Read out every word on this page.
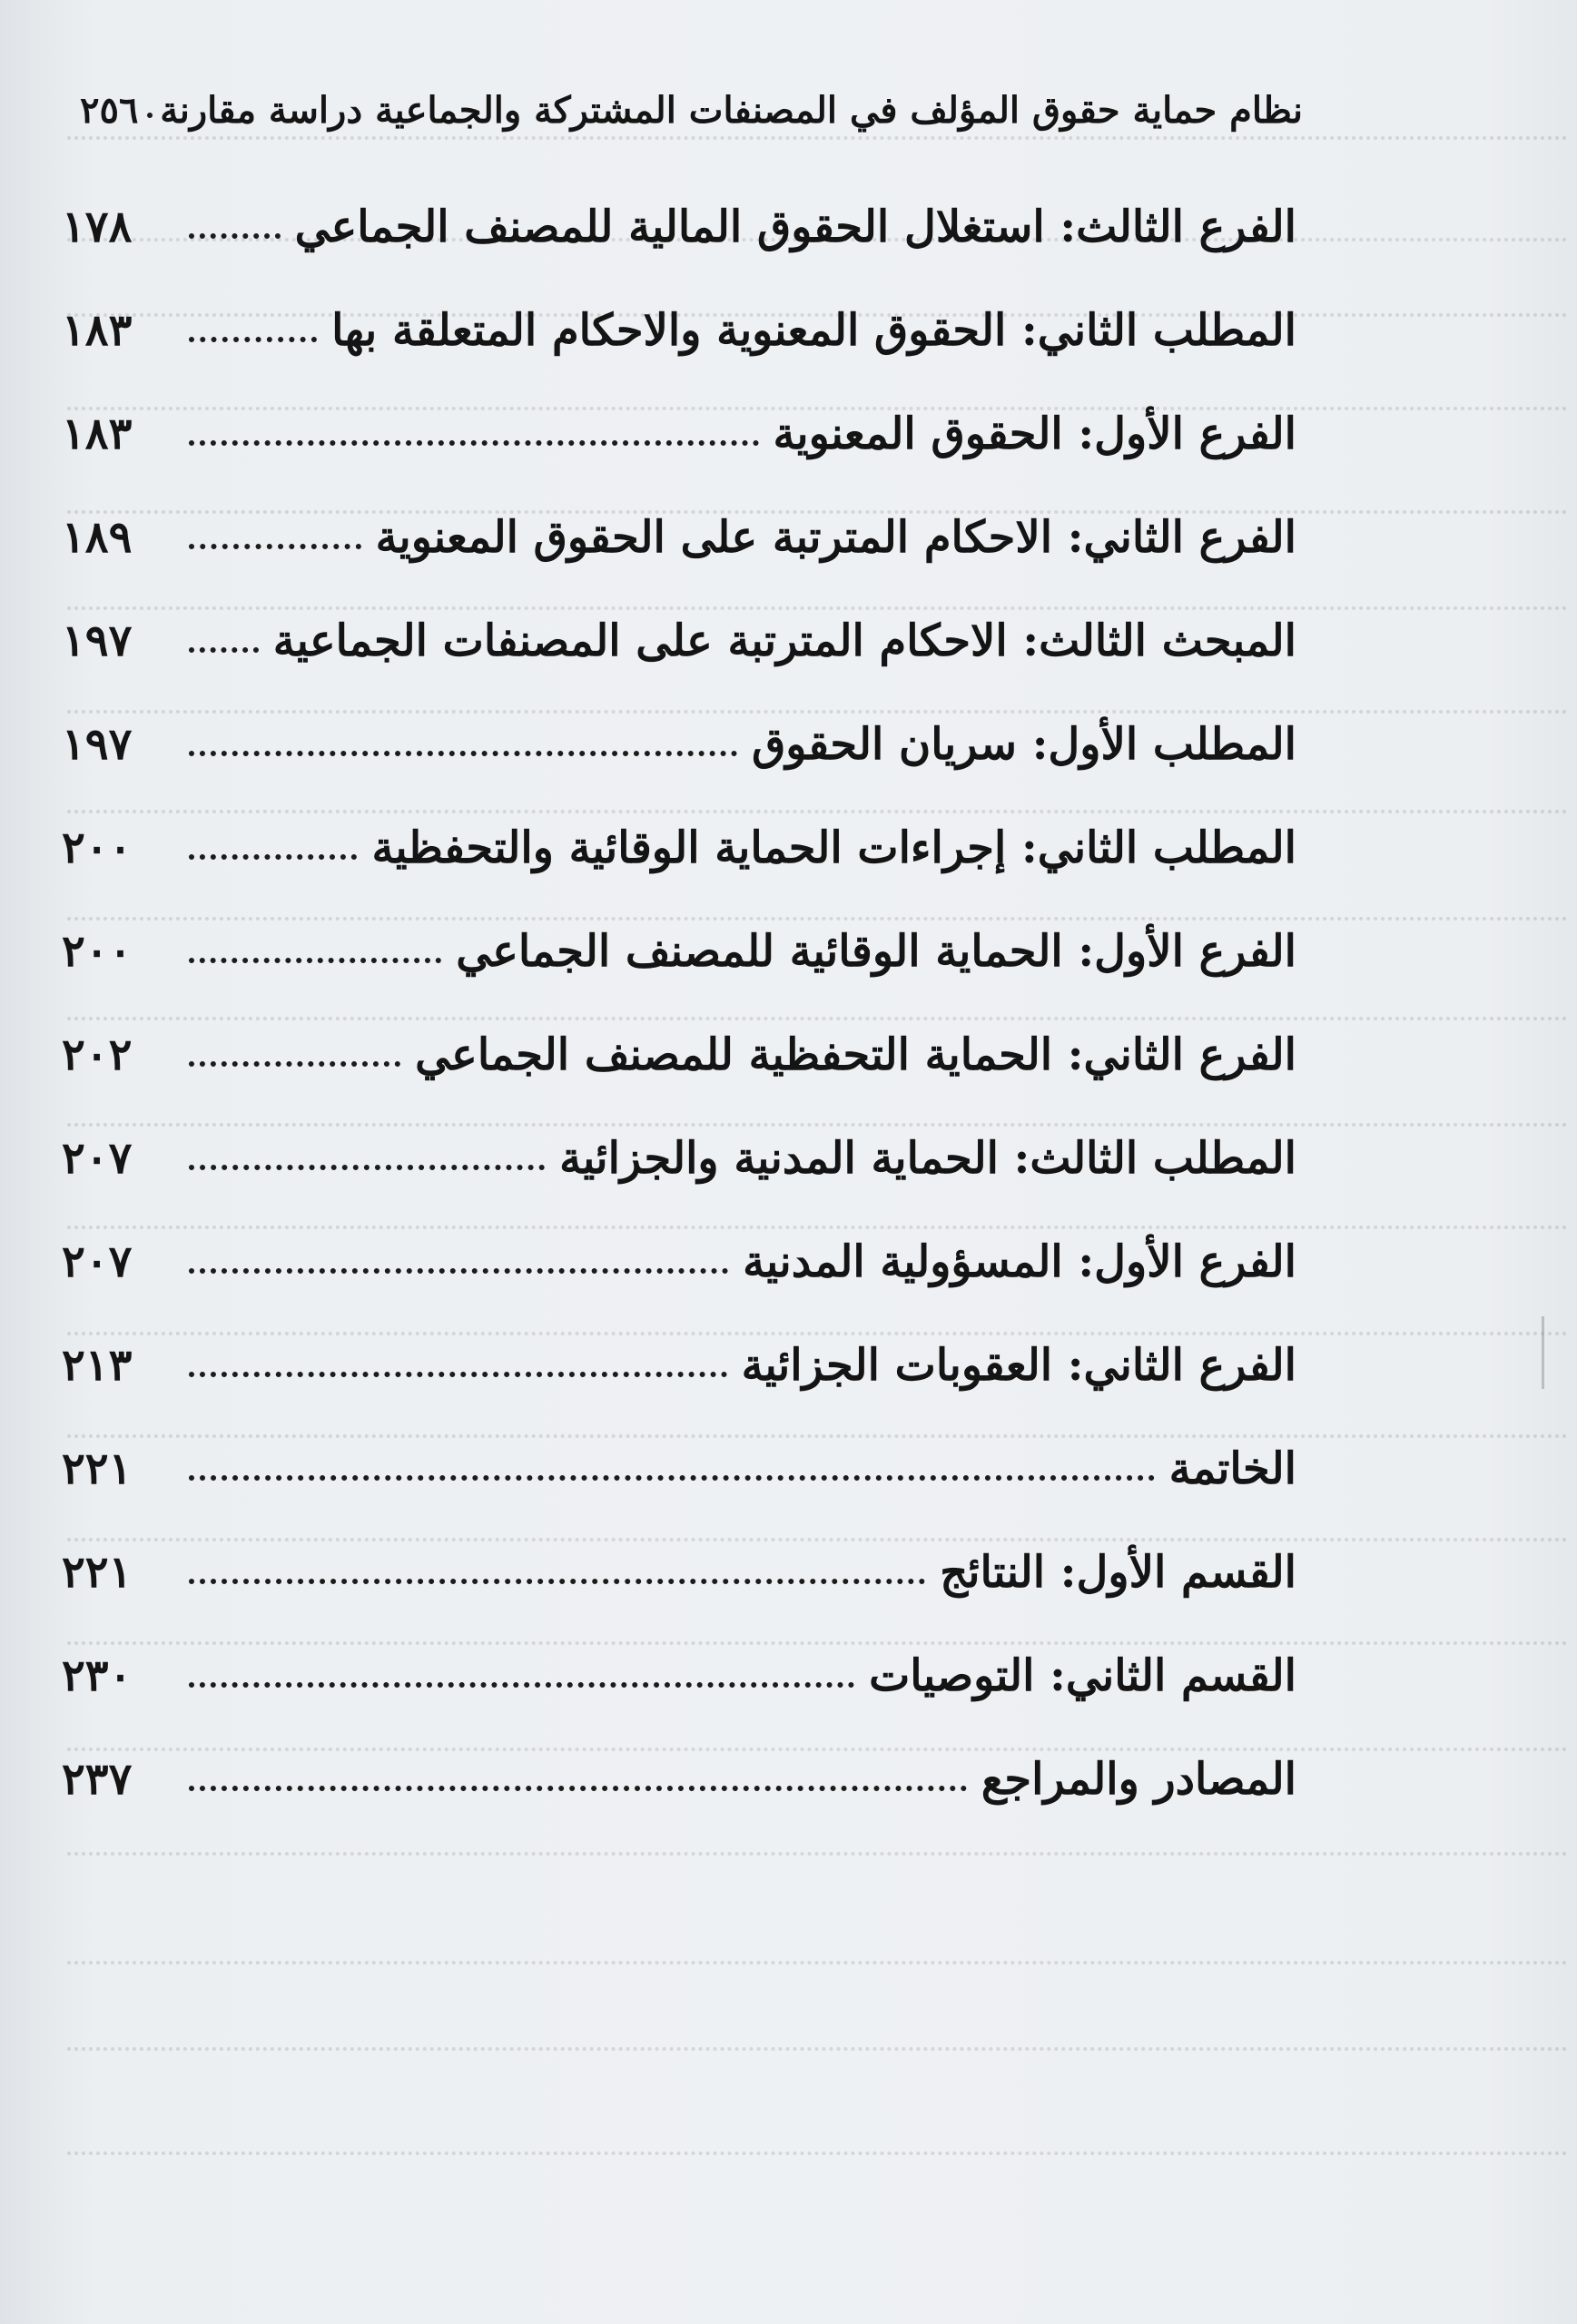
نظام حماية حقوق المؤلف في المصنفات المشتركة والجماعية دراسة مقارنة
٢٥٦
الفرع الثالث: استغلال الحقوق المالية للمصنف الجماعي
١٧٨
المطلب الثاني: الحقوق المعنوية والاحكام المتعلقة بها
١٨٣
الفرع الأول: الحقوق المعنوية
١٨٣
الفرع الثاني: الاحكام المترتبة على الحقوق المعنوية
١٨٩
المبحث الثالث: الاحكام المترتبة على المصنفات الجماعية
١٩٧
المطلب الأول: سريان الحقوق
١٩٧
المطلب الثاني: إجراءات الحماية الوقائية والتحفظية
٢٠٠
الفرع الأول: الحماية الوقائية للمصنف الجماعي
٢٠٠
الفرع الثاني: الحماية التحفظية للمصنف الجماعي
٢٠٢
المطلب الثالث: الحماية المدنية والجزائية
٢٠٧
الفرع الأول: المسؤولية المدنية
٢٠٧
الفرع الثاني: العقوبات الجزائية
٢١٣
الخاتمة
٢٢١
القسم الأول: النتائج
٢٢١
القسم الثاني: التوصيات
٢٣٠
المصادر والمراجع
٢٣٧
